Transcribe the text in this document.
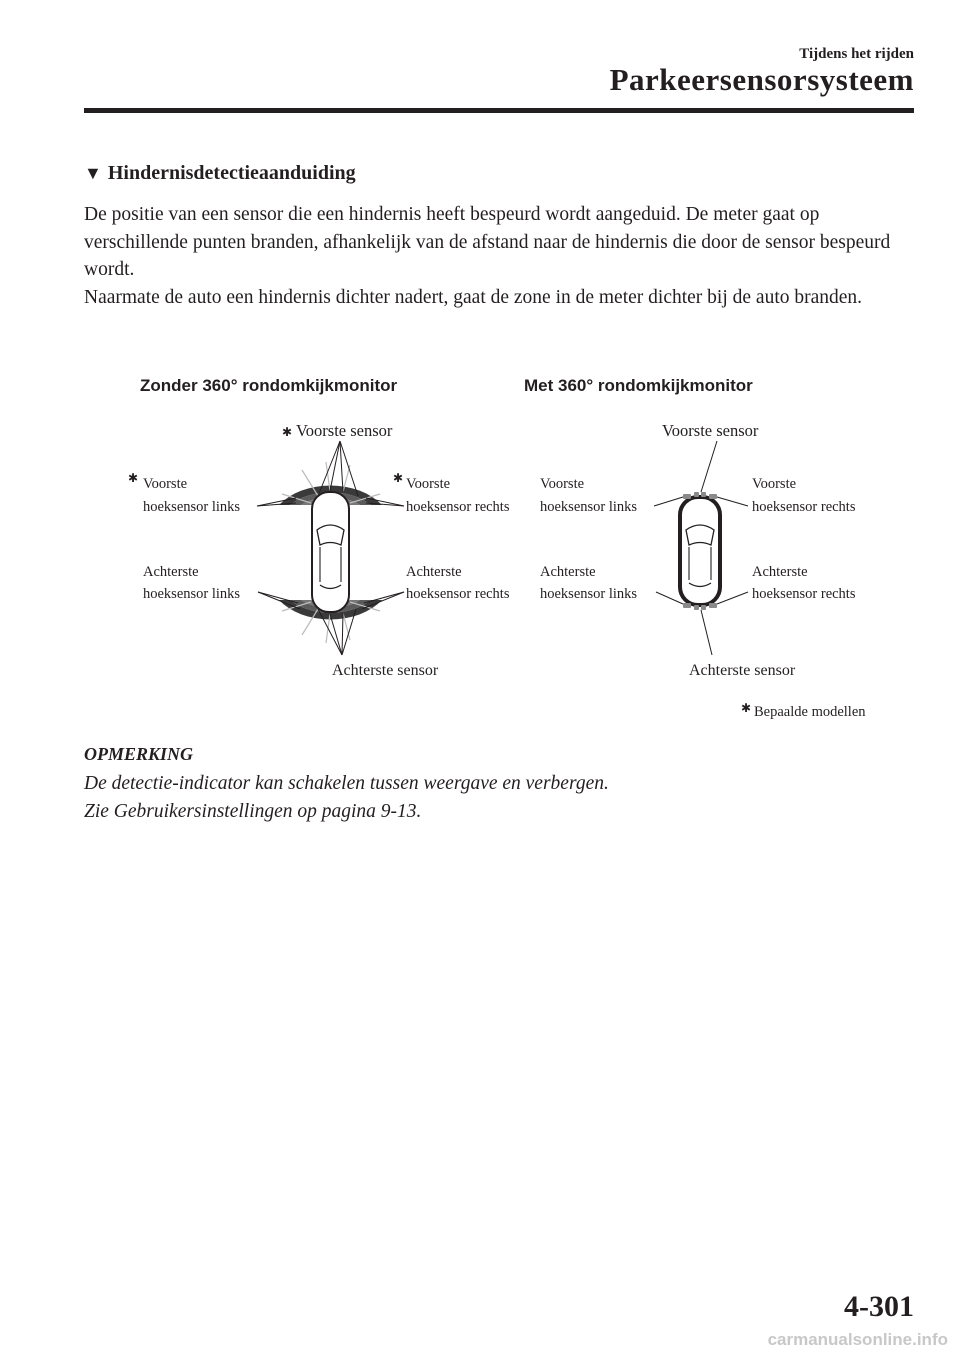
Tijdens het rijden
Parkeersensorsysteem
▼ Hindernisdetectieaanduiding

De positie van een sensor die een hindernis heeft bespeurd wordt aangeduid. De meter gaat op verschillende punten branden, afhankelijk van de afstand naar de hindernis die door de sensor bespeurd wordt.

Naarmate de auto een hindernis dichter nadert, gaat de zone in de meter dichter bij de auto branden.

Zonder 360° rondomkijkmonitor	Met 360° rondomkijkmonitor
✱ Voorste sensor
✱ Voorste
hoeksensor links
✱ Voorste
hoeksensor rechts
Achterste
hoeksensor links
Achterste
hoeksensor rechts
Achterste sensor
Voorste sensor
Voorste
hoeksensor links
Voorste
hoeksensor rechts
Achterste
hoeksensor links
Achterste
hoeksensor rechts
Achterste sensor
✱ Bepaalde modellen
OPMERKING

De detectie-indicator kan schakelen tussen weergave en verbergen.

Zie Gebruikersinstellingen op pagina 9-13.

4-301
carmanualsonline.info
